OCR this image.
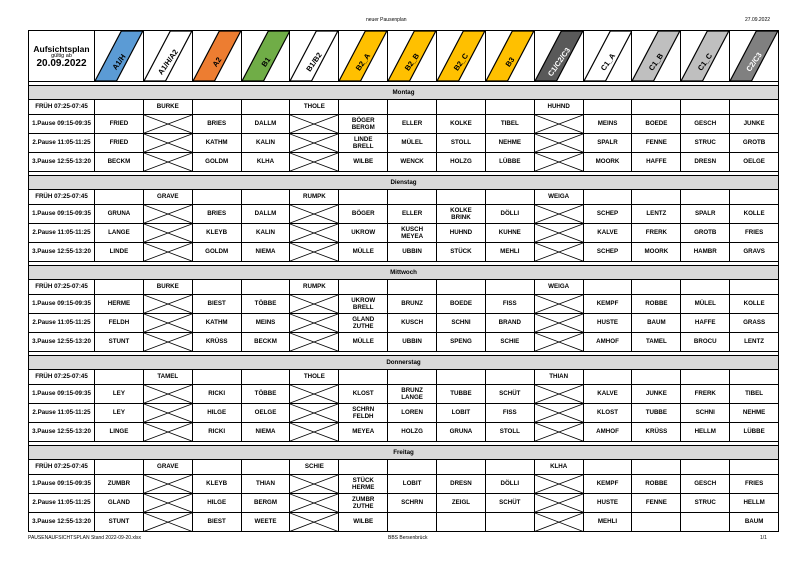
neuer Pausenplan	27.09.2022
Aufsichtsplan
gültig ab
20.09.2022	A1/H	A1/H/A2	A2	B1	B1/B2	B2_A	B2_B	B2_C	B3	C1/C2/C3	C1_A	C1_B	C1_C	C2/C3

Montag														
FRÜH 07:25-07:45		BURKE			THOLE					HUHND				
1.Pause 09:15-09:35	FRIED		BRIES	DALLM		BÖGER
BERGM	ELLER	KOLKE	TIBEL		MEINS	BOEDE	GESCH	JUNKE
2.Pause 11:05-11:25	FRIED		KATHM	KALIN		LINDE
BRELL	MÜLEL	STOLL	NEHME		SPALR	FENNE	STRUC	GROTB
3.Pause 12:55-13:20	BECKM		GOLDM	KLHA		WILBE	WENCK	HOLZG	LÜBBE		MOORK	HAFFE	DRESN	OELGE

Dienstag														
FRÜH 07:25-07:45		GRAVE			RUMPK					WEIGA				
1.Pause 09:15-09:35	GRUNA		BRIES	DALLM		BÖGER	ELLER	KOLKE
BRINK	DÖLLI		SCHEP	LENTZ	SPALR	KOLLE
2.Pause 11:05-11:25	LANGE		KLEYB	KALIN		UKROW	KUSCH
MEYEA	HUHND	KUHNE		KALVE	FRERK	GROTB	FRIES
3.Pause 12:55-13:20	LINDE		GOLDM	NIEMA		MÜLLE	UBBIN	STÜCK	MEHLI		SCHEP	MOORK	HAMBR	GRAVS

Mittwoch														
FRÜH 07:25-07:45		BURKE			RUMPK					WEIGA				
1.Pause 09:15-09:35	HERME		BIEST	TÖBBE		UKROW
BRELL	BRUNZ	BOEDE	FISS		KEMPF	ROBBE	MÜLEL	KOLLE
2.Pause 11:05-11:25	FELDH		KATHM	MEINS		GLAND
ZUTHE	KUSCH	SCHNI	BRAND		HUSTE	BAUM	HAFFE	GRASS
3.Pause 12:55-13:20	STUNT		KRÜSS	BECKM		MÜLLE	UBBIN	SPENG	SCHIE		AMHOF	TAMEL	BROCU	LENTZ

Donnerstag														
FRÜH 07:25-07:45		TAMEL			THOLE					THIAN				
1.Pause 09:15-09:35	LEY		RICKI	TÖBBE		KLOST	BRUNZ
LANGE	TUBBE	SCHÜT		KALVE	JUNKE	FRERK	TIBEL
2.Pause 11:05-11:25	LEY		HILGE	OELGE		SCHRN
FELDH	LOREN	LOBIT	FISS		KLOST	TUBBE	SCHNI	NEHME
3.Pause 12:55-13:20	LINGE		RICKI	NIEMA		MEYEA	HOLZG	GRUNA	STOLL		AMHOF	KRÜSS	HELLM	LÜBBE

Freitag														
FRÜH 07:25-07:45		GRAVE			SCHIE					KLHA				
1.Pause 09:15-09:35	ZUMBR		KLEYB	THIAN		STÜCK
HERME	LOBIT	DRESN	DÖLLI		KEMPF	ROBBE	GESCH	FRIES
2.Pause 11:05-11:25	GLAND		HILGE	BERGM		ZUMBR
ZUTHE	SCHRN	ZEIGL	SCHÜT		HUSTE	FENNE	STRUC	HELLM
3.Pause 12:55-13:20	STUNT		BIEST	WEETE		WILBE					MEHLI			BAUM
PAUSENAUFSICHTSPLAN Stand 2022-09-20.xlsx	BBS Bersenbrück	1/1
